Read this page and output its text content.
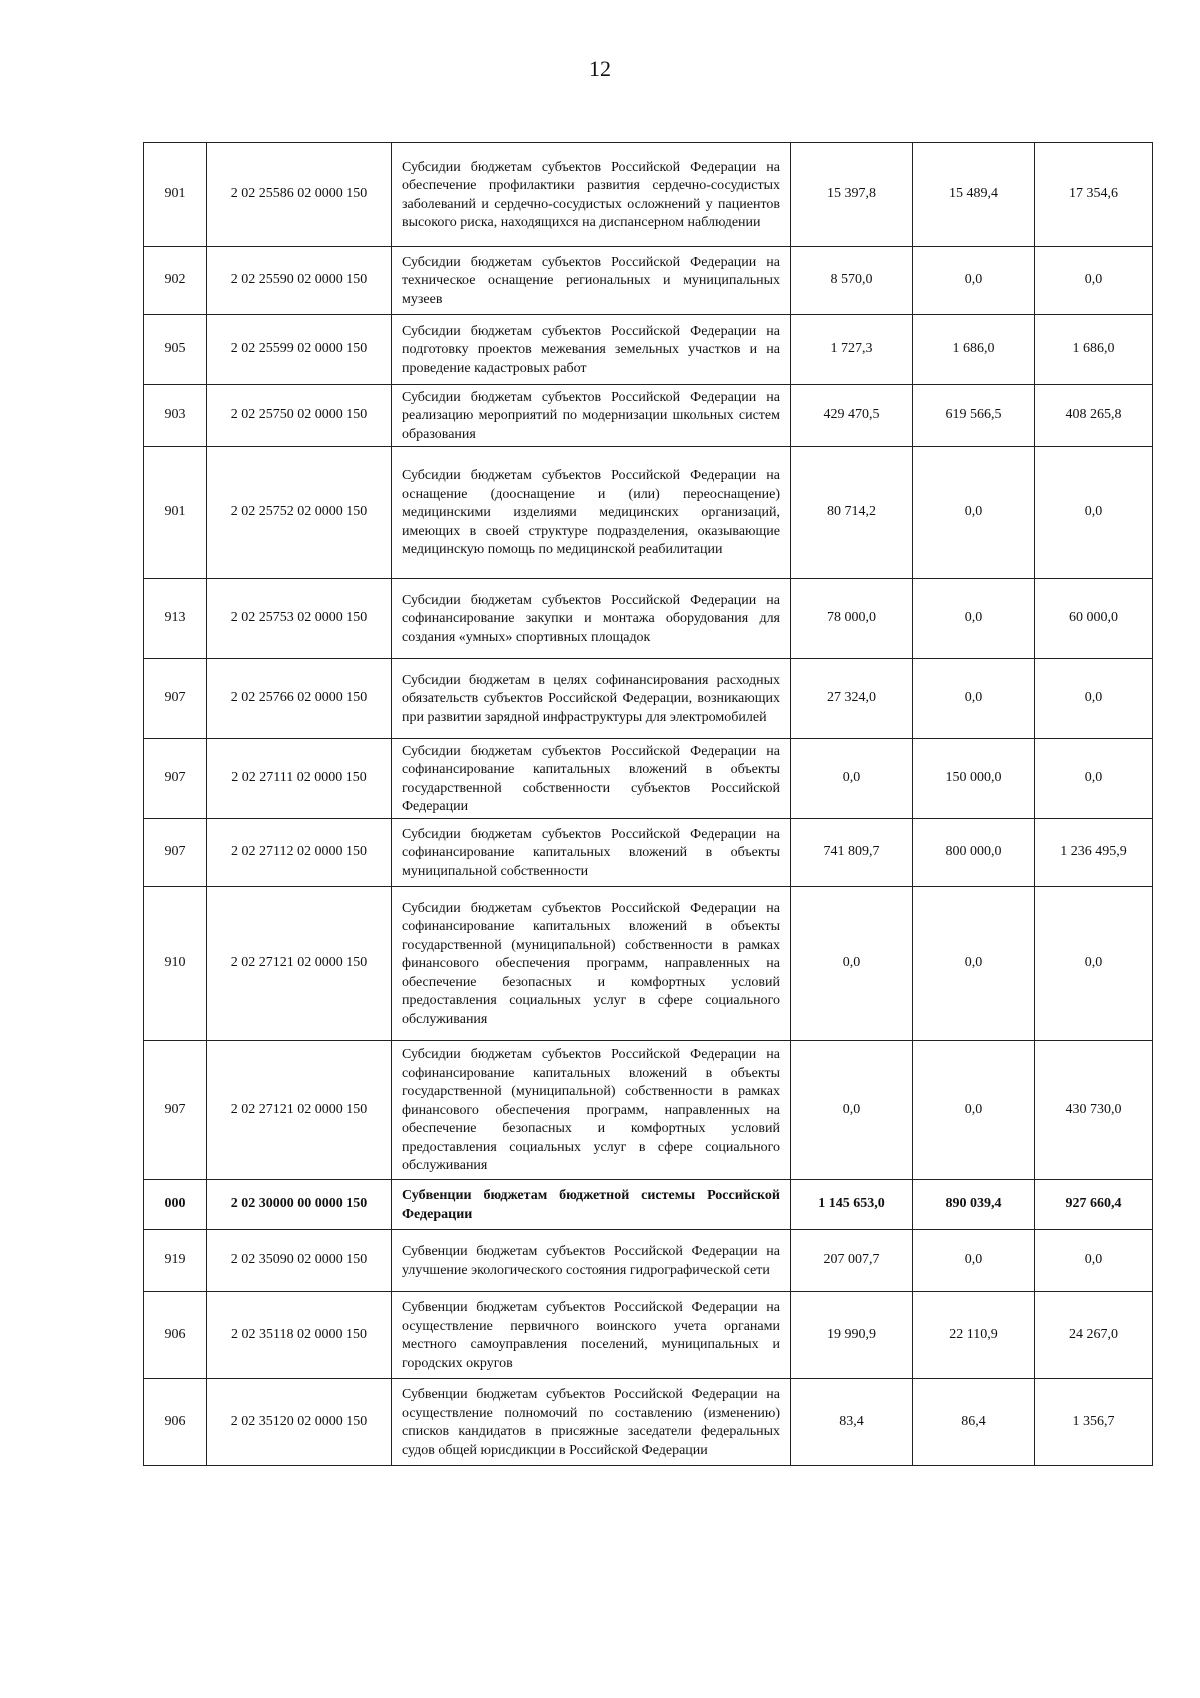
12
901	2 02 25586 02 0000 150	Субсидии бюджетам субъектов Российской Федерации на обеспечение профилактики развития сердечно-сосудистых заболеваний и сердечно-сосудистых осложнений у пациентов высокого риска, находящихся на диспансерном наблюдении	15 397,8	15 489,4	17 354,6
902	2 02 25590 02 0000 150	Субсидии бюджетам субъектов Российской Федерации на техническое оснащение региональных и муниципальных музеев	8 570,0	0,0	0,0
905	2 02 25599 02 0000 150	Субсидии бюджетам субъектов Российской Федерации на подготовку проектов межевания земельных участков и на проведение кадастровых работ	1 727,3	1 686,0	1 686,0
903	2 02 25750 02 0000 150	Субсидии бюджетам субъектов Российской Федерации на реализацию мероприятий по модернизации школьных систем образования	429 470,5	619 566,5	408 265,8
901	2 02 25752 02 0000 150	Субсидии бюджетам субъектов Российской Федерации на оснащение (дооснащение и (или) переоснащение) медицинскими изделиями медицинских организаций, имеющих в своей структуре подразделения, оказывающие медицинскую помощь по медицинской реабилитации	80 714,2	0,0	0,0
913	2 02 25753 02 0000 150	Субсидии бюджетам субъектов Российской Федерации на софинансирование закупки и монтажа оборудования для создания «умных» спортивных площадок	78 000,0	0,0	60 000,0
907	2 02 25766 02 0000 150	Субсидии бюджетам в целях софинансирования расходных обязательств субъектов Российской Федерации, возникающих при развитии зарядной инфраструктуры для электромобилей	27 324,0	0,0	0,0
907	2 02 27111 02 0000 150	Субсидии бюджетам субъектов Российской Федерации на софинансирование капитальных вложений в объекты государственной собственности субъектов Российской Федерации	0,0	150 000,0	0,0
907	2 02 27112 02 0000 150	Субсидии бюджетам субъектов Российской Федерации на софинансирование капитальных вложений в объекты муниципальной собственности	741 809,7	800 000,0	1 236 495,9
910	2 02 27121 02 0000 150	Субсидии бюджетам субъектов Российской Федерации на софинансирование капитальных вложений в объекты государственной (муниципальной) собственности в рамках финансового обеспечения программ, направленных на обеспечение безопасных и комфортных условий предоставления социальных услуг в сфере социального обслуживания	0,0	0,0	0,0
907	2 02 27121 02 0000 150	Субсидии бюджетам субъектов Российской Федерации на софинансирование капитальных вложений в объекты государственной (муниципальной) собственности в рамках финансового обеспечения программ, направленных на обеспечение безопасных и комфортных условий предоставления социальных услуг в сфере социального обслуживания	0,0	0,0	430 730,0
000	2 02 30000 00 0000 150	Субвенции бюджетам бюджетной системы Российской Федерации	1 145 653,0	890 039,4	927 660,4
919	2 02 35090 02 0000 150	Субвенции бюджетам субъектов Российской Федерации на улучшение экологического состояния гидрографической сети	207 007,7	0,0	0,0
906	2 02 35118 02 0000 150	Субвенции бюджетам субъектов Российской Федерации на осуществление первичного воинского учета органами местного самоуправления поселений, муниципальных и городских округов	19 990,9	22 110,9	24 267,0
906	2 02 35120 02 0000 150	Субвенции бюджетам субъектов Российской Федерации на осуществление полномочий по составлению (изменению) списков кандидатов в присяжные заседатели федеральных судов общей юрисдикции в Российской Федерации	83,4	86,4	1 356,7
